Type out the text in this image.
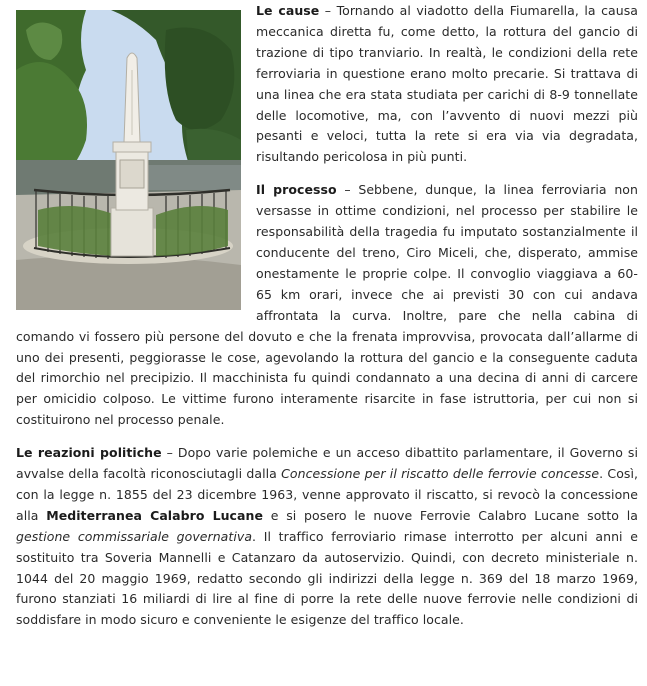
Le cause – Tornando al viadotto della Fiumarella, la causa meccanica diretta fu, come detto, la rottura del gancio di trazione di tipo tranviario. In realtà, le condizioni della rete ferroviaria in questione erano molto precarie. Si trattava di una linea che era stata studiata per carichi di 8-9 tonnellate delle locomotive, ma, con l’avvento di nuovi mezzi più pesanti e veloci, tutta la rete si era via via degradata, risultando pericolosa in più punti.

Il processo – Sebbene, dunque, la linea ferroviaria non versasse in ottime condizioni, nel processo per stabilire le responsabilità della tragedia fu imputato sostanzialmente il conducente del treno, Ciro Miceli, che, disperato, ammise onestamente le proprie colpe. Il convoglio viaggiava a 60-65 km orari, invece che ai previsti 30 con cui andava affrontata la curva. Inoltre, pare che nella cabina di comando vi fossero più persone del dovuto e che la frenata improvvisa, provocata dall’allarme di uno dei presenti, peggiorasse le cose, agevolando la rottura del gancio e la conseguente caduta del rimorchio nel precipizio. Il macchinista fu quindi condannato a una decina di anni di carcere per omicidio colposo. Le vittime furono interamente risarcite in fase istruttoria, per cui non si costituirono nel processo penale.

Le reazioni politiche – Dopo varie polemiche e un acceso dibattito parlamentare, il Governo si avvalse della facoltà riconosciutagli dalla Concessione per il riscatto delle ferrovie concesse. Così, con la legge n. 1855 del 23 dicembre 1963, venne approvato il riscatto, si revocò la concessione alla Mediterranea Calabro Lucane e si posero le nuove Ferrovie Calabro Lucane sotto la gestione commissariale governativa. Il traffico ferroviario rimase interrotto per alcuni anni e sostituito tra Soveria Mannelli e Catanzaro da autoservizio. Quindi, con decreto ministeriale n. 1044 del 20 maggio 1969, redatto secondo gli indirizzi della legge n. 369 del 18 marzo 1969, furono stanziati 16 miliardi di lire al fine di porre la rete delle nuove ferrovie nelle condizioni di soddisfare in modo sicuro e conveniente le esigenze del traffico locale.
